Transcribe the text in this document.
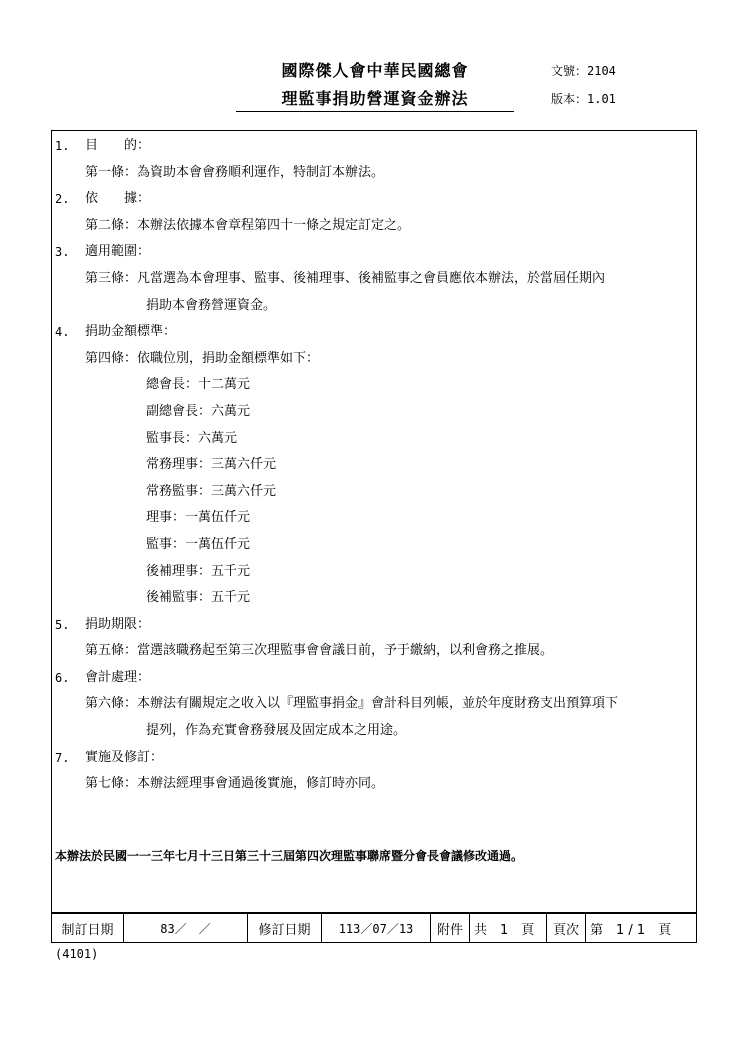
國際傑人會中華民國總會
理監事捐助營運資金辦法
文號：2104
版本：1.01
1.	目　　的：
第一條：為資助本會會務順利運作，特制訂本辦法。
2.	依　　據：
第二條：本辦法依據本會章程第四十一條之規定訂定之。
3.	適用範圍：
第三條：凡當選為本會理事、監事、後補理事、後補監事之會員應依本辦法，於當屆任期內
捐助本會務營運資金。
4.	捐助金額標準：
第四條：依職位別，捐助金額標準如下：
總會長：十二萬元
副總會長：六萬元
監事長：六萬元
常務理事：三萬六仟元
常務監事：三萬六仟元
理事：一萬伍仟元
監事：一萬伍仟元
後補理事：五千元
後補監事：五千元
5.	捐助期限：
第五條：當選該職務起至第三次理監事會會議日前，予于繳納，以利會務之推展。
6.	會計處理：
第六條：本辦法有關規定之收入以『理監事捐金』會計科目列帳，並於年度財務支出預算項下
提列，作為充實會務發展及固定成本之用途。
7.	實施及修訂：
第七條：本辦法經理事會通過後實施，修訂時亦同。
本辦法於民國一一三年七月十三日第三十三屆第四次理監事聯席暨分會長會議修改通過。
制訂日期	83／　／	修訂日期	113／07／13	附件	共　1　頁	頁次	第　1 / 1　頁
(4101)
